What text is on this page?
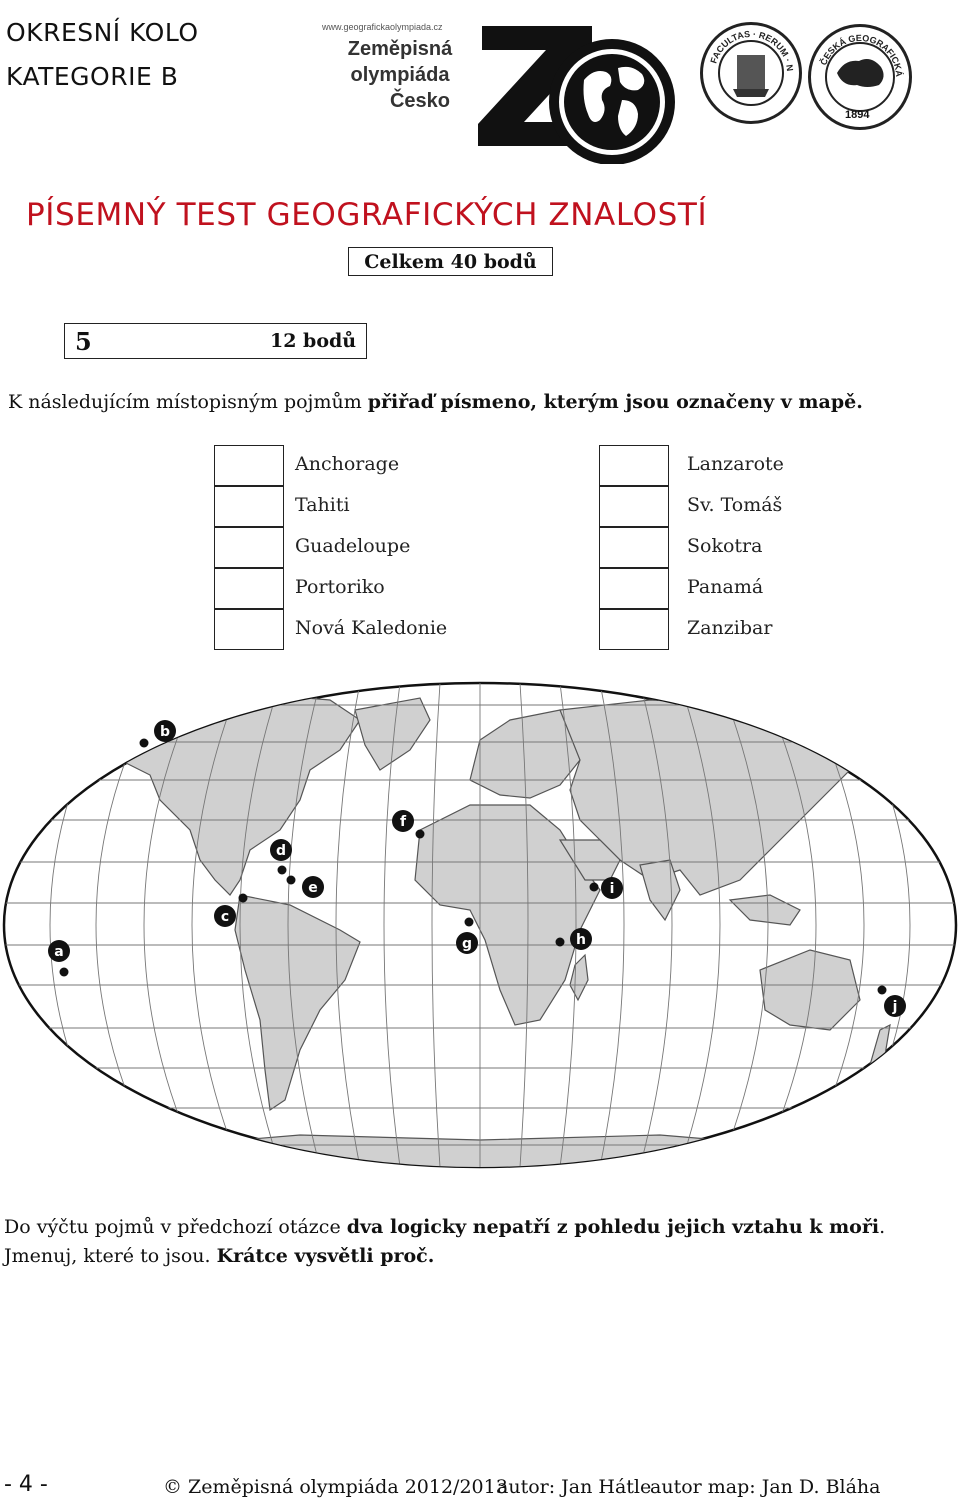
OKRESNÍ KOLO
KATEGORIE B
www.geografickaolympiada.cz
Zeměpisná
olympiáda
Česko
FACULTAS · RERUM · N
ČESKÁ GEOGRAFICKÁ
1894
PÍSEMNÝ TEST GEOGRAFICKÝCH ZNALOSTÍ
Celkem 40 bodů
5	12 bodů
K následujícím místopisným pojmům přiřaď písmeno, kterým jsou označeny v mapě.
Anchorage
Tahiti
Guadeloupe
Portoriko
Nová Kaledonie
Lanzarote
Sv. Tomáš
Sokotra
Panamá
Zanzibar
a
b
c
d
e
f
g	h
i
j
Do výčtu pojmů v předchozí otázce dva logicky nepatří z pohledu jejich vztahu k moři.
Jmenuj, které to jsou. Krátce vysvětli proč.
- 4 -	© Zeměpisná olympiáda 2012/2013
autor: Jan Hátle
autor map: Jan D. Bláha
